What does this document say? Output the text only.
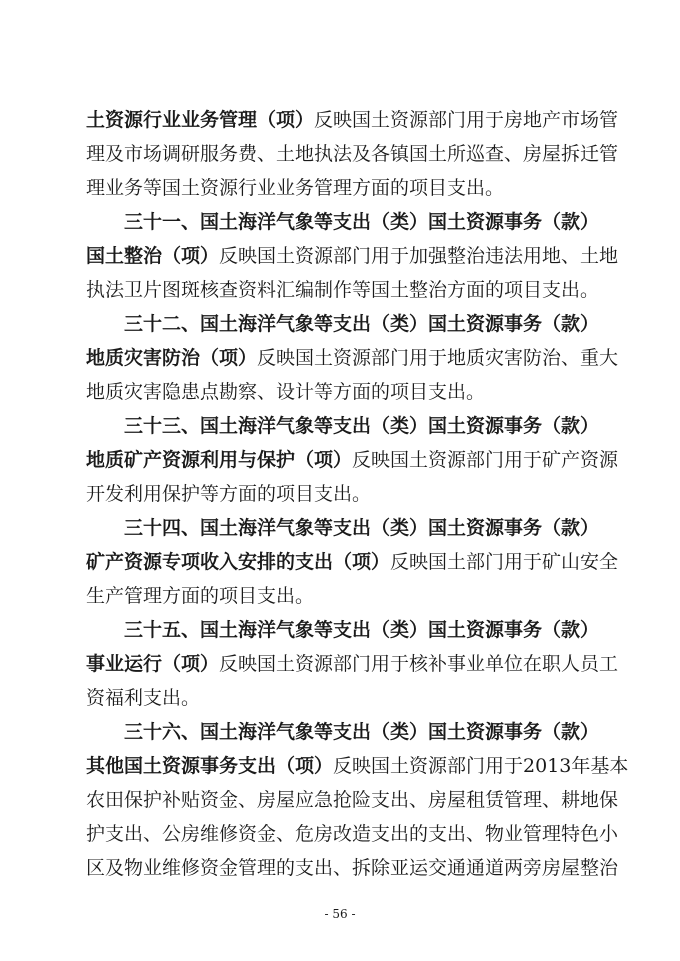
土资源行业业务管理（项）反映国土资源部门用于房地产市场管
理及市场调研服务费、土地执法及各镇国土所巡查、房屋拆迁管
理业务等国土资源行业业务管理方面的项目支出。
三十一、国土海洋气象等支出（类）国土资源事务（款）
国土整治（项）反映国土资源部门用于加强整治违法用地、土地
执法卫片图斑核查资料汇编制作等国土整治方面的项目支出。
三十二、国土海洋气象等支出（类）国土资源事务（款）
地质灾害防治（项）反映国土资源部门用于地质灾害防治、重大
地质灾害隐患点勘察、设计等方面的项目支出。
三十三、国土海洋气象等支出（类）国土资源事务（款）
地质矿产资源利用与保护（项）反映国土资源部门用于矿产资源
开发利用保护等方面的项目支出。
三十四、国土海洋气象等支出（类）国土资源事务（款）
矿产资源专项收入安排的支出（项）反映国土部门用于矿山安全
生产管理方面的项目支出。
三十五、国土海洋气象等支出（类）国土资源事务（款）
事业运行（项）反映国土资源部门用于核补事业单位在职人员工
资福利支出。
三十六、国土海洋气象等支出（类）国土资源事务（款）
其他国土资源事务支出（项）反映国土资源部门用于2013年基本
农田保护补贴资金、房屋应急抢险支出、房屋租赁管理、耕地保
护支出、公房维修资金、危房改造支出的支出、物业管理特色小
区及物业维修资金管理的支出、拆除亚运交通通道两旁房屋整治
- 56 -
